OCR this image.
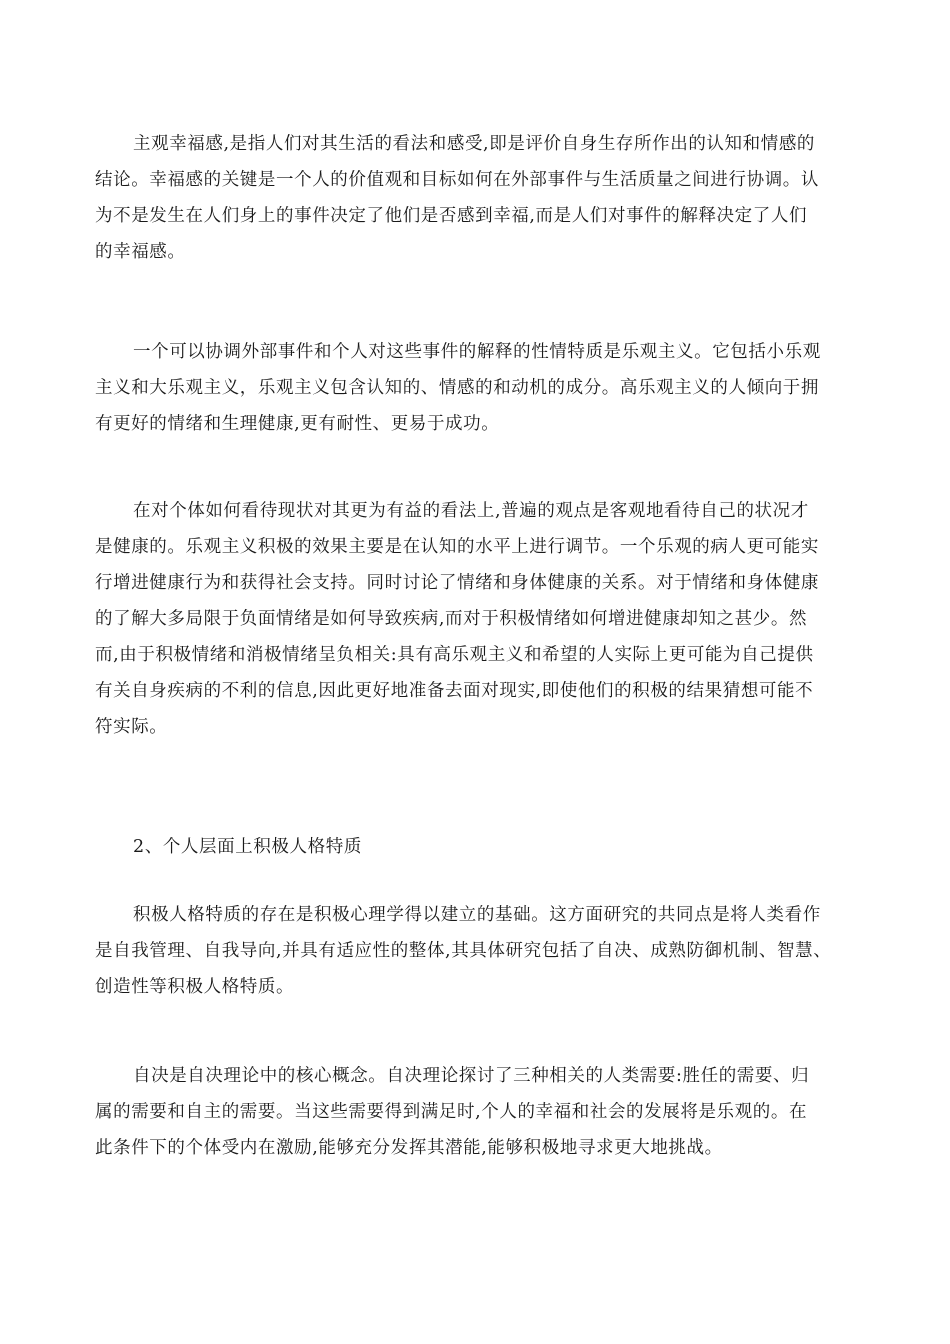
主观幸福感,是指人们对其生活的看法和感受,即是评价自身生存所作出的认知和情感的
结论。幸福感的关键是一个人的价值观和目标如何在外部事件与生活质量之间进行协调。认
为不是发生在人们身上的事件决定了他们是否感到幸福,而是人们对事件的解释决定了人们
的幸福感。
一个可以协调外部事件和个人对这些事件的解释的性情特质是乐观主义。它包括小乐观
主义和大乐观主义，乐观主义包含认知的、情感的和动机的成分。高乐观主义的人倾向于拥
有更好的情绪和生理健康,更有耐性、更易于成功。
在对个体如何看待现状对其更为有益的看法上,普遍的观点是客观地看待自己的状况才
是健康的。乐观主义积极的效果主要是在认知的水平上进行调节。一个乐观的病人更可能实
行增进健康行为和获得社会支持。同时讨论了情绪和身体健康的关系。对于情绪和身体健康
的了解大多局限于负面情绪是如何导致疾病,而对于积极情绪如何增进健康却知之甚少。然
而,由于积极情绪和消极情绪呈负相关:具有高乐观主义和希望的人实际上更可能为自己提供
有关自身疾病的不利的信息,因此更好地准备去面对现实,即使他们的积极的结果猜想可能不
符实际。
2、个人层面上积极人格特质
积极人格特质的存在是积极心理学得以建立的基础。这方面研究的共同点是将人类看作
是自我管理、自我导向,并具有适应性的整体,其具体研究包括了自决、成熟防御机制、智慧、
创造性等积极人格特质。
自决是自决理论中的核心概念。自决理论探讨了三种相关的人类需要:胜任的需要、归
属的需要和自主的需要。当这些需要得到满足时,个人的幸福和社会的发展将是乐观的。在
此条件下的个体受内在激励,能够充分发挥其潜能,能够积极地寻求更大地挑战。
